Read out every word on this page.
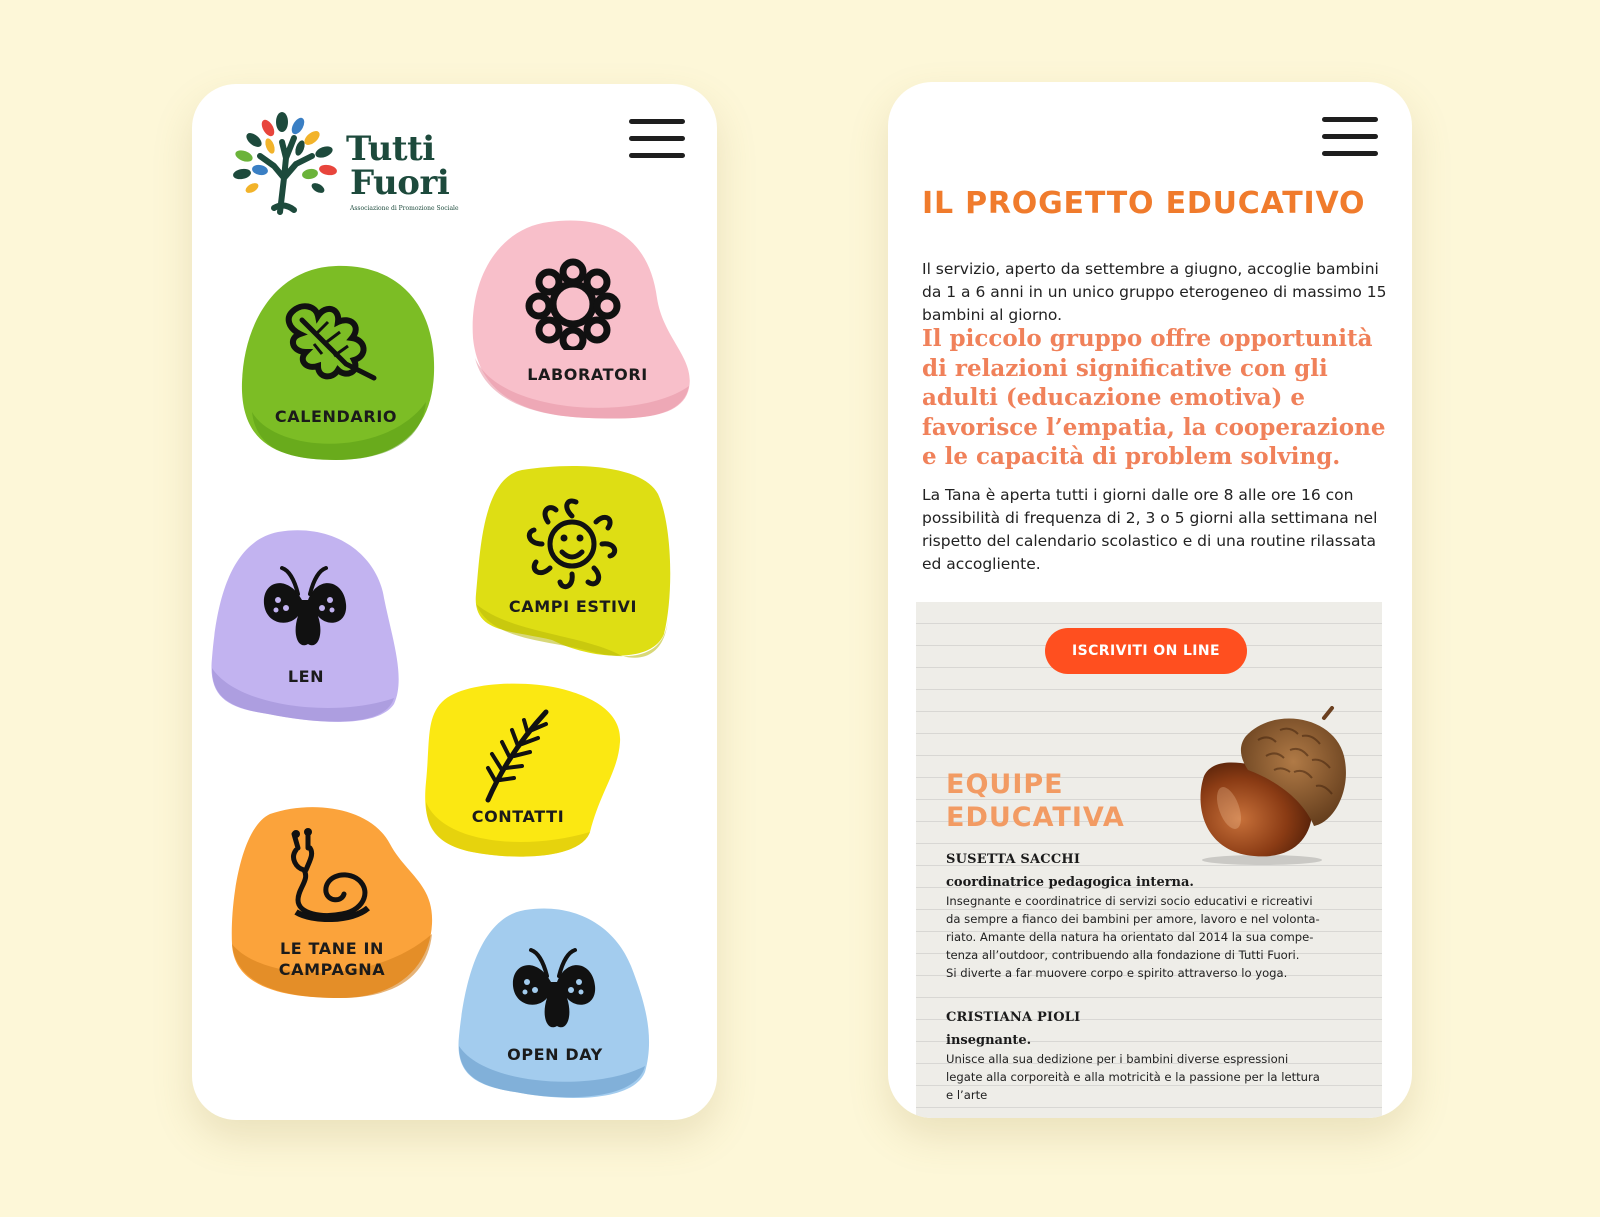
Tutti
Fuori
Associazione di Promozione Sociale
CALENDARIO
LABORATORI
CAMPI ESTIVI
LEN
CONTATTI
LE TANE IN
CAMPAGNA
OPEN DAY
IL PROGETTO EDUCATIVO
Il servizio, aperto da settembre a giugno, accoglie bambini da 1 a 6 anni in un unico gruppo eterogeneo di massimo 15 bambini al giorno.
Il piccolo gruppo offre opportunità di relazioni significative con gli adulti (educazione emotiva) e favorisce l’empatia, la cooperazione e le capacità di problem solving.
La Tana è aperta tutti i giorni dalle ore 8 alle ore 16 con possibilità di frequenza di 2, 3 o 5 giorni alla settimana nel rispetto del calendario scolastico e di una routine rilassata ed accogliente.
ISCRIVITI ON LINE
EQUIPE
EDUCATIVA
SUSETTA SACCHI
coordinatrice pedagogica interna.
Insegnante e coordinatrice di servizi socio educativi e ricreativi
da sempre a fianco dei bambini per amore, lavoro e nel volonta-
riato. Amante della natura ha orientato dal 2014 la sua compe-
tenza all’outdoor, contribuendo alla fondazione di Tutti Fuori.
Si diverte a far muovere corpo e spirito attraverso lo yoga.
CRISTIANA PIOLI
insegnante.
Unisce alla sua dedizione per i bambini diverse espressioni
legate alla corporeità e alla motricità e la passione per la lettura
e l’arte
